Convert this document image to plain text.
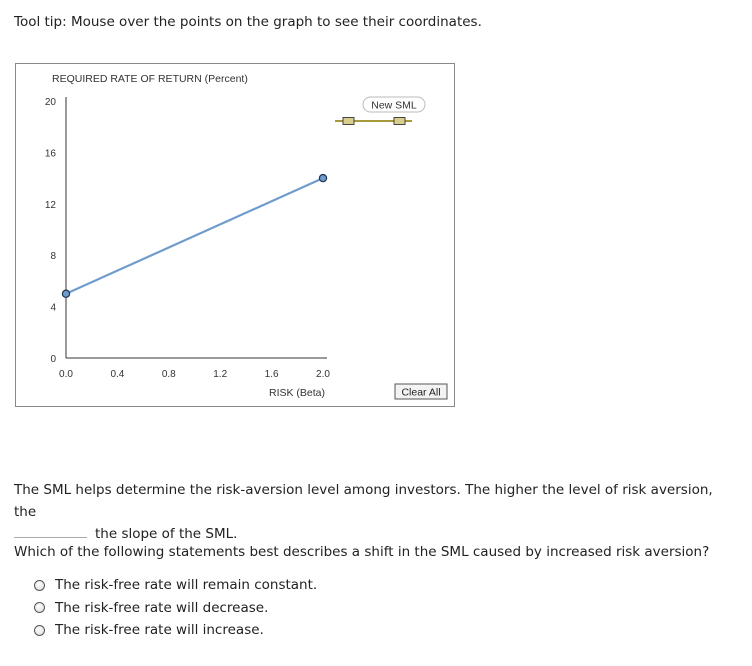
Tool tip: Mouse over the points on the graph to see their coordinates.
REQUIRED RATE OF RETURN (Percent)
0
4
8
12
16
20
0.0	0.4	0.8	1.2	1.6	2.0
RISK (Beta)
New SML
Clear All
The SML helps determine the risk-aversion level among investors. The higher the level of risk aversion, the
the slope of the SML.
Which of the following statements best describes a shift in the SML caused by increased risk aversion?
The risk-free rate will remain constant.
The risk-free rate will decrease.
The risk-free rate will increase.
